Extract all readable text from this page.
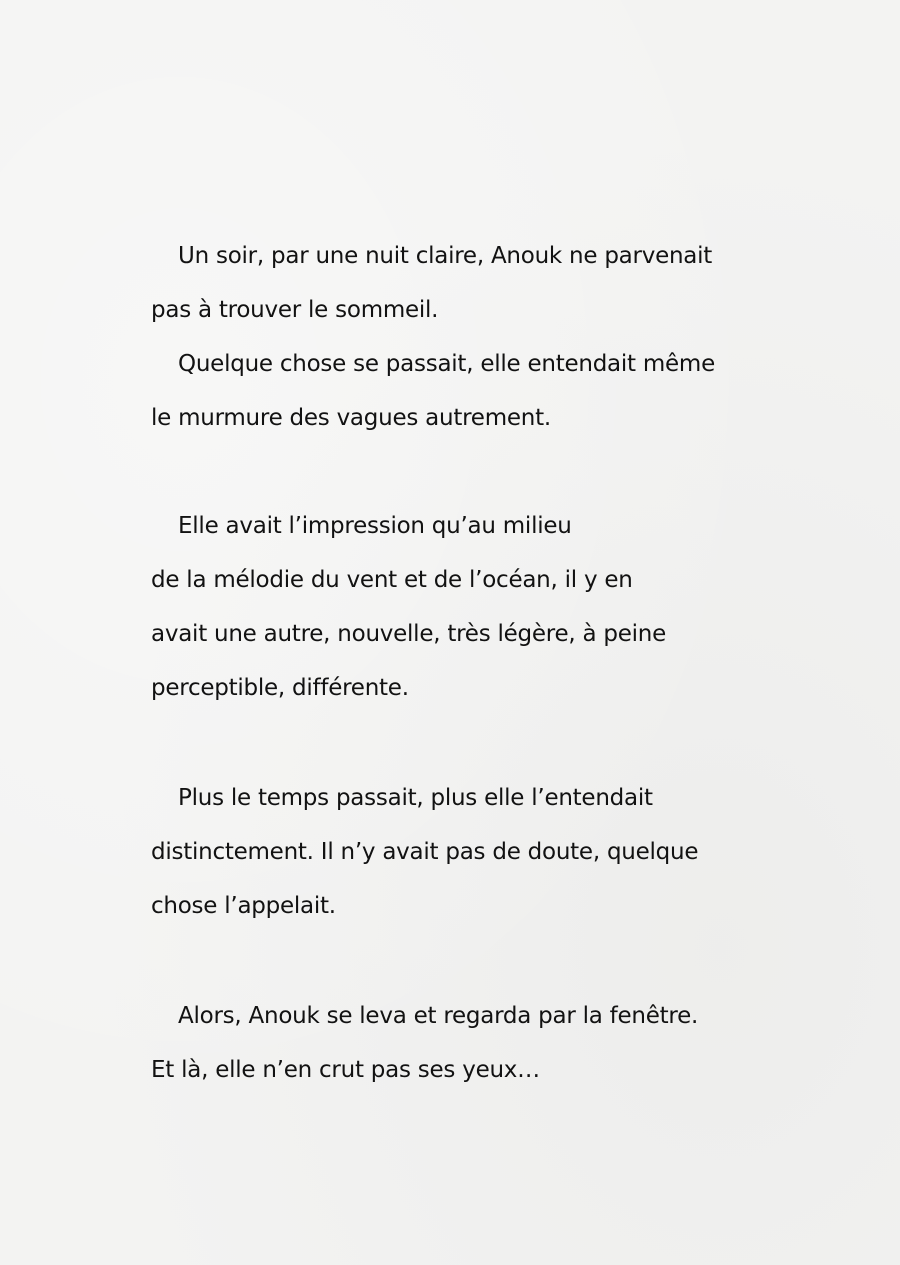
Un soir, par une nuit claire, Anouk ne parvenait

pas à trouver le sommeil.

Quelque chose se passait, elle entendait même

le murmure des vagues autrement.

Elle avait l’impression qu’au milieu

de la mélodie du vent et de l’océan, il y en

avait une autre, nouvelle, très légère, à peine

perceptible, différente.

Plus le temps passait, plus elle l’entendait

distinctement. Il n’y avait pas de doute, quelque

chose l’appelait.

Alors, Anouk se leva et regarda par la fenêtre.

Et là, elle n’en crut pas ses yeux…
